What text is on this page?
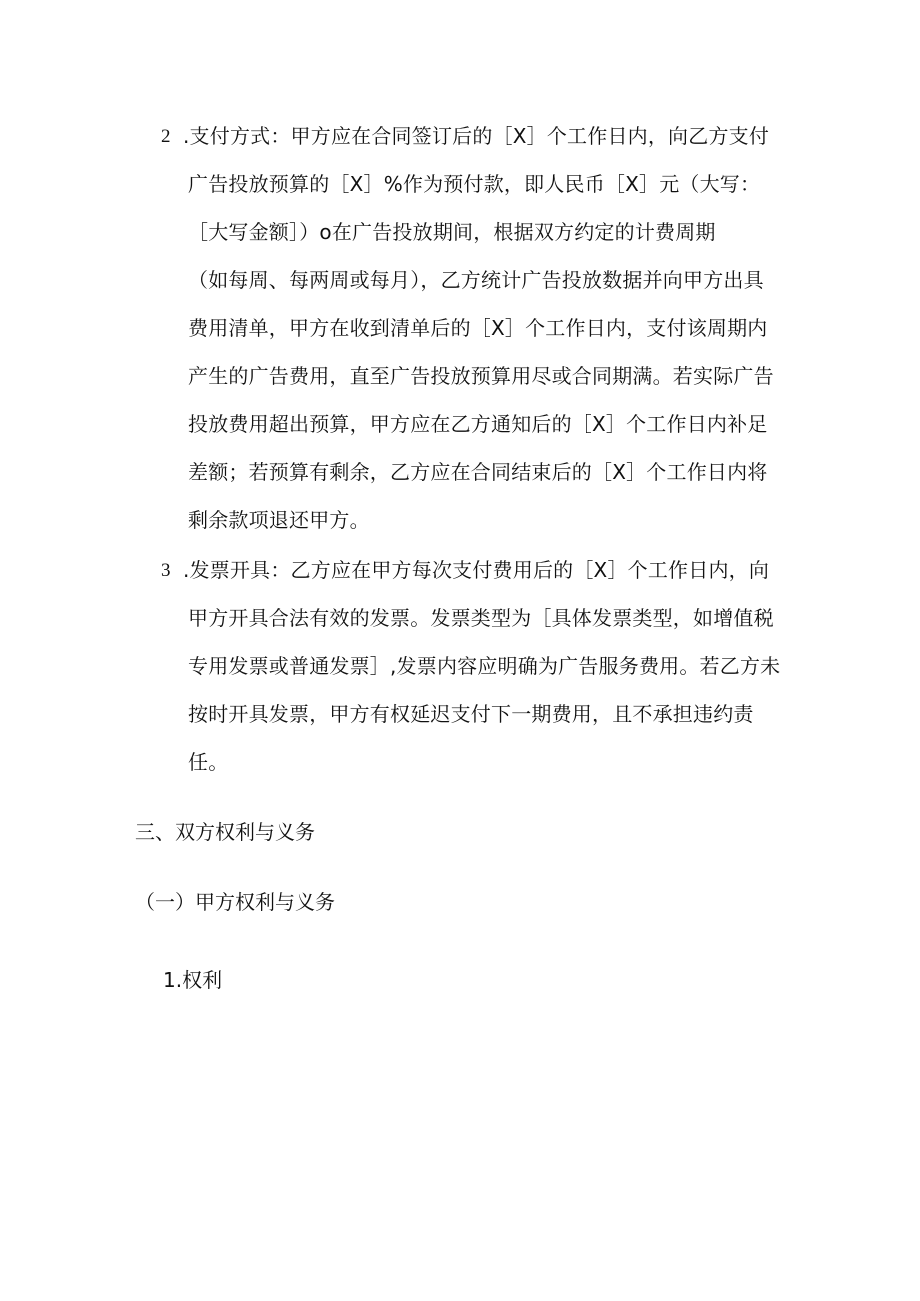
2 .支付方式：甲方应在合同签订后的［X］个工作日内，向乙方支付
广告投放预算的［X］%作为预付款，即人民币［X］元（大写：
［大写金额］）o在广告投放期间，根据双方约定的计费周期
（如每周、每两周或每月），乙方统计广告投放数据并向甲方出具
费用清单，甲方在收到清单后的［X］个工作日内，支付该周期内
产生的广告费用，直至广告投放预算用尽或合同期满。若实际广告
投放费用超出预算，甲方应在乙方通知后的［X］个工作日内补足
差额；若预算有剩余，乙方应在合同结束后的［X］个工作日内将
剩余款项退还甲方。
3 .发票开具：乙方应在甲方每次支付费用后的［X］个工作日内，向
甲方开具合法有效的发票。发票类型为［具体发票类型，如增值税
专用发票或普通发票］,发票内容应明确为广告服务费用。若乙方未
按时开具发票，甲方有权延迟支付下一期费用，且不承担违约责
任。
三、双方权利与义务
（一）甲方权利与义务
1.权利
